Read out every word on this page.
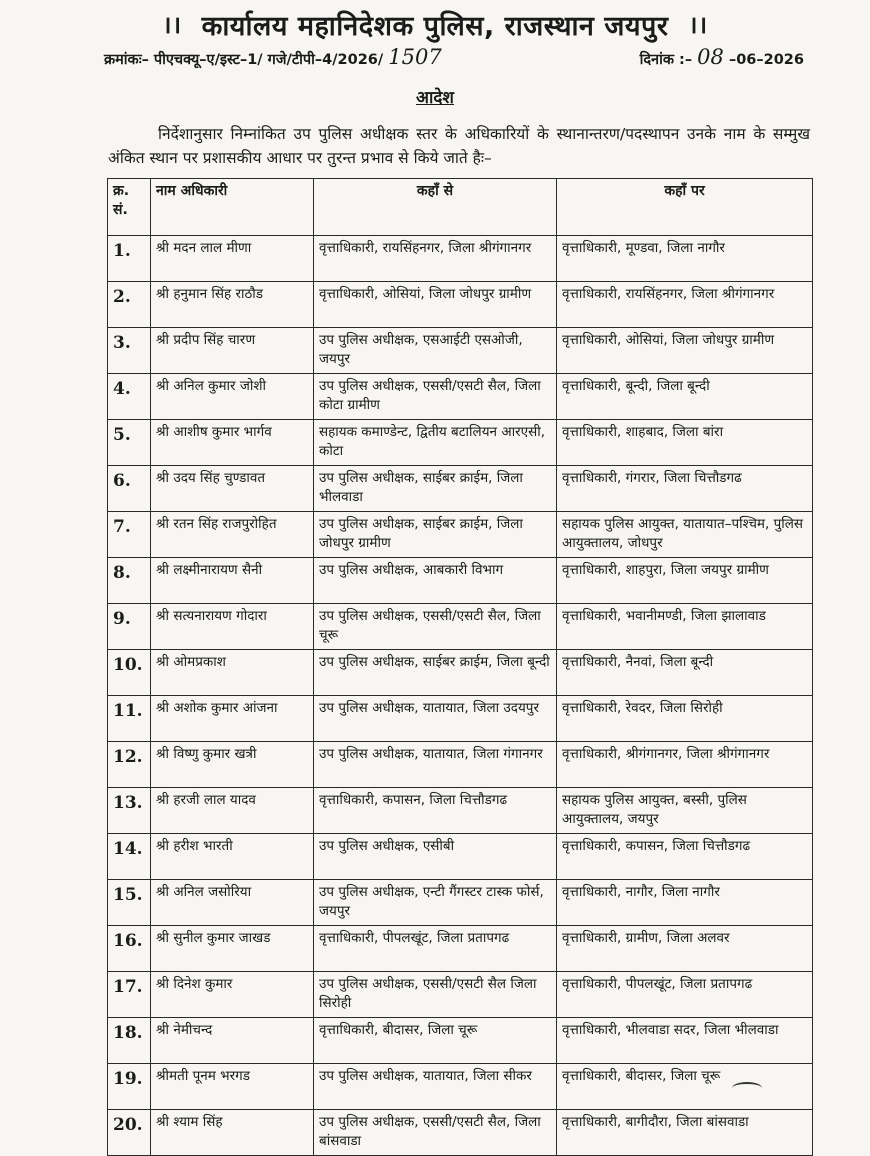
।। कार्यालय महानिदेशक पुलिस, राजस्थान जयपुर ।।
क्रमांकः– पीएचक्यू–ए/इस्ट–1/ गजे/टीपी–4/2026/ 1507	दिनांक :– 08 –06–2026
आदेश
निर्देशानुसार निम्नांकित उप पुलिस अधीक्षक स्तर के अधिकारियों के स्थानान्तरण/पदस्थापन उनके नाम के सम्मुख अंकित स्थान पर प्रशासकीय आधार पर तुरन्त प्रभाव से किये जाते हैः–
क्र. सं.	नाम अधिकारी	कहाँ से	कहाँ पर
1.	श्री मदन लाल मीणा	वृत्ताधिकारी, रायसिंहनगर, जिला श्रीगंगानगर	वृत्ताधिकारी, मूण्डवा, जिला नागौर
2.	श्री हनुमान सिंह राठौड	वृत्ताधिकारी, ओसियां, जिला जोधपुर ग्रामीण	वृत्ताधिकारी, रायसिंहनगर, जिला श्रीगंगानगर
3.	श्री प्रदीप सिंह चारण	उप पुलिस अधीक्षक, एसआईटी एसओजी, जयपुर	वृत्ताधिकारी, ओसियां, जिला जोधपुर ग्रामीण
4.	श्री अनिल कुमार जोशी	उप पुलिस अधीक्षक, एससी/एसटी सैल, जिला कोटा ग्रामीण	वृत्ताधिकारी, बून्दी, जिला बून्दी
5.	श्री आशीष कुमार भार्गव	सहायक कमाण्डेन्ट, द्वितीय बटालियन आरएसी, कोटा	वृत्ताधिकारी, शाहबाद, जिला बांरा
6.	श्री उदय सिंह चुण्डावत	उप पुलिस अधीक्षक, साईबर क्राईम, जिला भीलवाडा	वृत्ताधिकारी, गंगरार, जिला चित्तौडगढ
7.	श्री रतन सिंह राजपुरोहित	उप पुलिस अधीक्षक, साईबर क्राईम, जिला जोधपुर ग्रामीण	सहायक पुलिस आयुक्त, यातायात–पश्चिम, पुलिस आयुक्तालय, जोधपुर
8.	श्री लक्ष्मीनारायण सैनी	उप पुलिस अधीक्षक, आबकारी विभाग	वृत्ताधिकारी, शाहपुरा, जिला जयपुर ग्रामीण
9.	श्री सत्यनारायण गोदारा	उप पुलिस अधीक्षक, एससी/एसटी सैल, जिला चूरू	वृत्ताधिकारी, भवानीमण्डी, जिला झालावाड
10.	श्री ओमप्रकाश	उप पुलिस अधीक्षक, साईबर क्राईम, जिला बून्दी	वृत्ताधिकारी, नैनवां, जिला बून्दी
11.	श्री अशोक कुमार आंजना	उप पुलिस अधीक्षक, यातायात, जिला उदयपुर	वृत्ताधिकारी, रेवदर, जिला सिरोही
12.	श्री विष्णु कुमार खत्री	उप पुलिस अधीक्षक, यातायात, जिला गंगानगर	वृत्ताधिकारी, श्रीगंगानगर, जिला श्रीगंगानगर
13.	श्री हरजी लाल यादव	वृत्ताधिकारी, कपासन, जिला चित्तौडगढ	सहायक पुलिस आयुक्त, बस्सी, पुलिस आयुक्तालय, जयपुर
14.	श्री हरीश भारती	उप पुलिस अधीक्षक, एसीबी	वृत्ताधिकारी, कपासन, जिला चित्तौडगढ
15.	श्री अनिल जसोरिया	उप पुलिस अधीक्षक, एन्टी गैंगस्टर टास्क फोर्स, जयपुर	वृत्ताधिकारी, नागौर, जिला नागौर
16.	श्री सुनील कुमार जाखड	वृत्ताधिकारी, पीपलखूंट, जिला प्रतापगढ	वृत्ताधिकारी, ग्रामीण, जिला अलवर
17.	श्री दिनेश कुमार	उप पुलिस अधीक्षक, एससी/एसटी सैल जिला सिरोही	वृत्ताधिकारी, पीपलखूंट, जिला प्रतापगढ
18.	श्री नेमीचन्द	वृत्ताधिकारी, बीदासर, जिला चूरू	वृत्ताधिकारी, भीलवाडा सदर, जिला भीलवाडा
19.	श्रीमती पूनम भरगड	उप पुलिस अधीक्षक, यातायात, जिला सीकर	वृत्ताधिकारी, बीदासर, जिला चूरू
20.	श्री श्याम सिंह	उप पुलिस अधीक्षक, एससी/एसटी सैल, जिला बांसवाडा	वृत्ताधिकारी, बागीदौरा, जिला बांसवाडा
